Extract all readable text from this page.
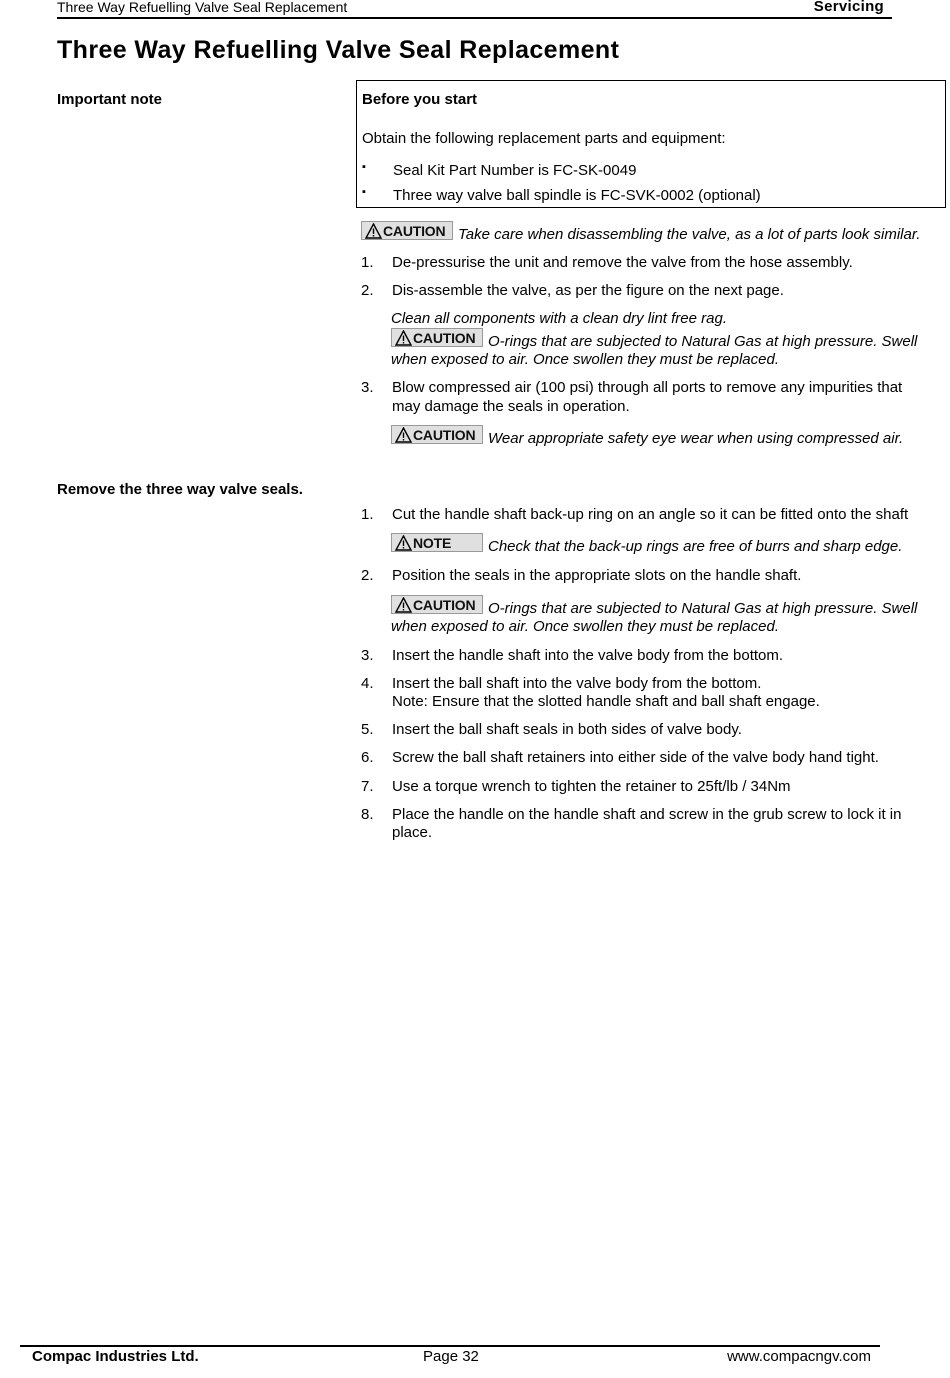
Three Way Refuelling Valve Seal Replacement	Servicing
Three Way Refuelling Valve Seal Replacement
Important note	Before you start
Obtain the following replacement parts and equipment:
▪ Seal Kit Part Number is FC-SK-0049
▪ Three way valve ball spindle is FC-SVK-0002 (optional)
CAUTION Take care when disassembling the valve, as a lot of parts look similar.
1. De-pressurise the unit and remove the valve from the hose assembly.
2. Dis-assemble the valve, as per the figure on the next page.
Clean all components with a clean dry lint free rag.
CAUTION O-rings that are subjected to Natural Gas at high pressure. Swell
when exposed to air. Once swollen they must be replaced.
3. Blow compressed air (100 psi) through all ports to remove any impurities that
may damage the seals in operation.
CAUTION Wear appropriate safety eye wear when using compressed air.
Remove the three way valve seals.
1. Cut the handle shaft back-up ring on an angle so it can be fitted onto the shaft
NOTE Check that the back-up rings are free of burrs and sharp edge.
2. Position the seals in the appropriate slots on the handle shaft.
CAUTION O-rings that are subjected to Natural Gas at high pressure. Swell
when exposed to air. Once swollen they must be replaced.
3. Insert the handle shaft into the valve body from the bottom.
4. Insert the ball shaft into the valve body from the bottom.
Note: Ensure that the slotted handle shaft and ball shaft engage.
5. Insert the ball shaft seals in both sides of valve body.
6. Screw the ball shaft retainers into either side of the valve body hand tight.
7. Use a torque wrench to tighten the retainer to 25ft/lb / 34Nm
8. Place the handle on the handle shaft and screw in the grub screw to lock it in
place.
Compac Industries Ltd.	Page 32	www.compacngv.com
